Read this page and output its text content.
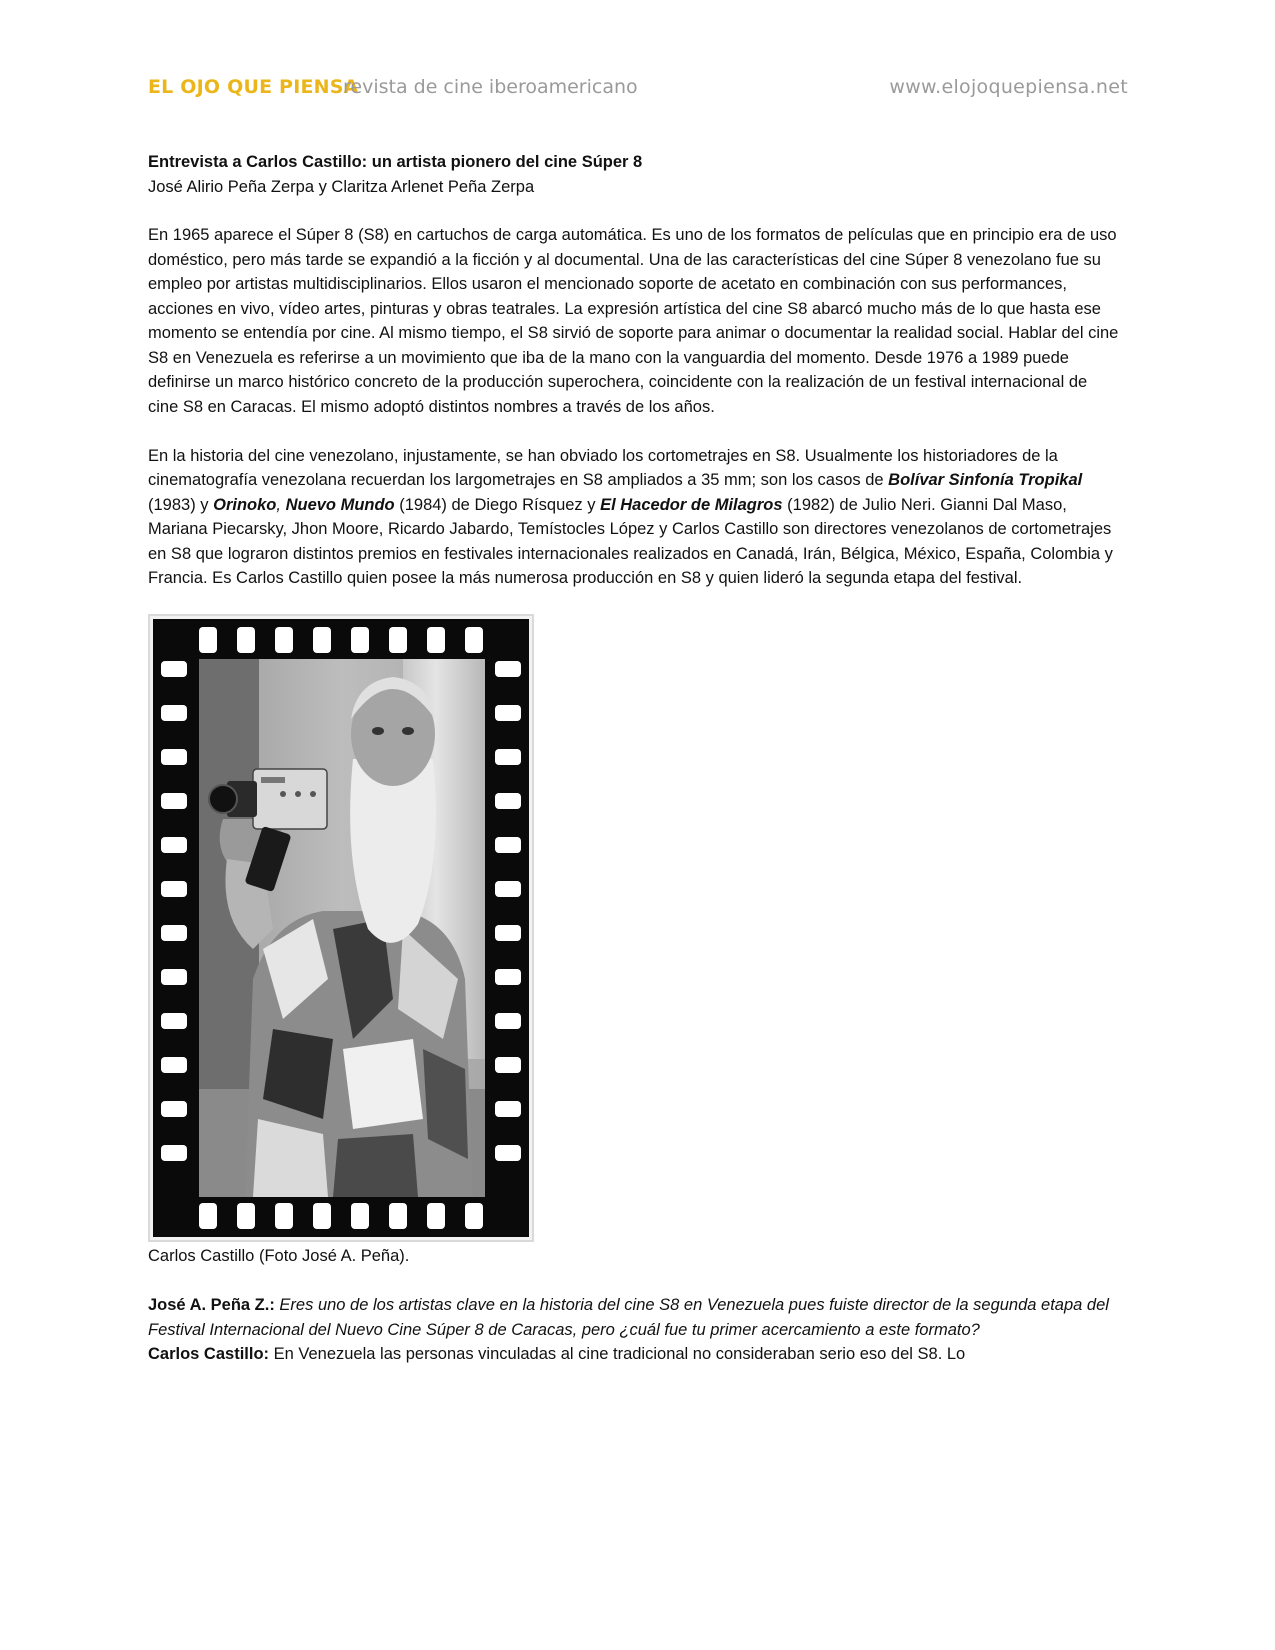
EL OJO QUE PIENSA
revista de cine iberoamericano	www.elojoquepiensa.net
Entrevista a Carlos Castillo: un artista pionero del cine Súper 8
José Alirio Peña Zerpa y Claritza Arlenet Peña Zerpa
En 1965 aparece el Súper 8 (S8) en cartuchos de carga automática. Es uno de los formatos de películas que en principio era de uso doméstico, pero más tarde se expandió a la ficción y al documental. Una de las características del cine Súper 8 venezolano fue su empleo por artistas multidisciplinarios. Ellos usaron el mencionado soporte de acetato en combinación con sus performances, acciones en vivo, vídeo artes, pinturas y obras teatrales. La expresión artística del cine S8 abarcó mucho más de lo que hasta ese momento se entendía por cine. Al mismo tiempo, el S8 sirvió de soporte para animar o documentar la realidad social. Hablar del cine S8 en Venezuela es referirse a un movimiento que iba de la mano con la vanguardia del momento. Desde 1976 a 1989 puede definirse un marco histórico concreto de la producción superochera, coincidente con la realización de un festival internacional de cine S8 en Caracas. El mismo adoptó distintos nombres a través de los años.
En la historia del cine venezolano, injustamente, se han obviado los cortometrajes en S8. Usualmente los historiadores de la cinematografía venezolana recuerdan los largometrajes en S8 ampliados a 35 mm; son los casos de Bolívar Sinfonía Tropikal (1983) y Orinoko, Nuevo Mundo (1984) de Diego Rísquez y El Hacedor de Milagros (1982) de Julio Neri. Gianni Dal Maso, Mariana Piecarsky, Jhon Moore, Ricardo Jabardo, Temístocles López y Carlos Castillo son directores venezolanos de cortometrajes en S8 que lograron distintos premios en festivales internacionales realizados en Canadá, Irán, Bélgica, México, España, Colombia y Francia. Es Carlos Castillo quien posee la más numerosa producción en S8 y quien lideró la segunda etapa del festival.
Carlos Castillo (Foto José A. Peña).
José A. Peña Z.: Eres uno de los artistas clave en la historia del cine S8 en Venezuela pues fuiste director de la segunda etapa del Festival Internacional del Nuevo Cine Súper 8 de Caracas, pero ¿cuál fue tu primer acercamiento a este formato?
Carlos Castillo: En Venezuela las personas vinculadas al cine tradicional no consideraban serio eso del S8. Lo
